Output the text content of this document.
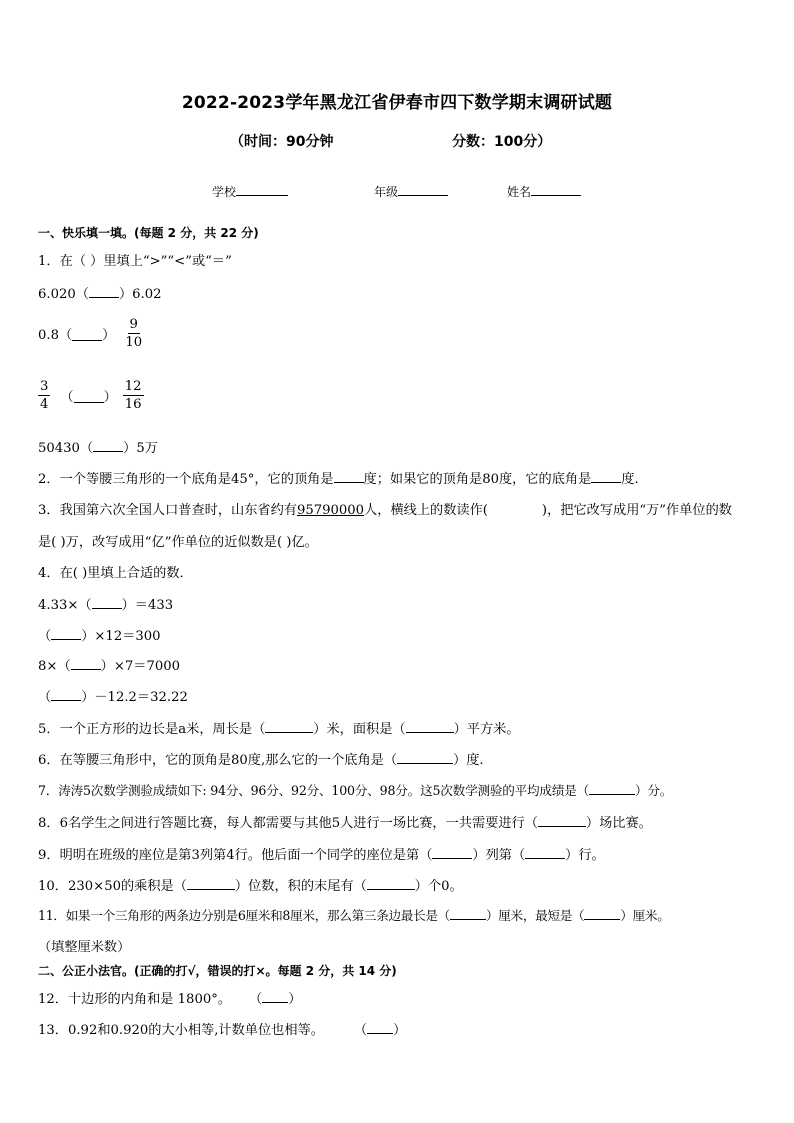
2022-2023学年黑龙江省伊春市四下数学期末调研试题
（时间：90分钟	分数：100分）
学校	年级	姓名
一、快乐填一填。(每题 2 分，共 22 分)
1．在（ ）里填上“>”“<”或“＝”
6.020（ ）6.02
0.8（ ） $\frac{9}{10}$
$\frac{3}{4}$ （ ） $\frac{12}{16}$
50430（ ）5万
2．一个等腰三角形的一个底角是45°，它的顶角是 度；如果它的顶角是80度，它的底角是 度.
3．我国第六次全国人口普查时，山东省约有95790000人，横线上的数读作(	)，把它改写成用“万”作单位的数
是( )万，改写成用“亿”作单位的近似数是( )亿。
4．在( )里填上合适的数．
4.33×（ ）＝433
（ ）×12＝300
8×（ ）×7＝7000
（ ）－12.2＝32.22
5．一个正方形的边长是a米，周长是（	）米，面积是（	）平方米。
6．在等腰三角形中，它的顶角是80度,那么它的一个底角是（	）度.
7．涛涛5次数学测验成绩如下: 94分、96分、92分、100分、98分。这5次数学测验的平均成绩是（	）分。
8．6名学生之间进行答题比赛，每人都需要与其他5人进行一场比赛，一共需要进行（	）场比赛。
9．明明在班级的座位是第3列第4行。他后面一个同学的座位是第（	）列第（	）行。
10．230×50的乘积是（	）位数，积的末尾有（	）个0。
11．如果一个三角形的两条边分别是6厘米和8厘米，那么第三条边最长是（	）厘米，最短是（	）厘米。
（填整厘米数）
二、公正小法官。(正确的打√，错误的打×。每题 2 分，共 14 分)
12．十边形的内角和是 1800°。 （ ）
13．0.92和0.920的大小相等,计数单位也相等。 （ ）
